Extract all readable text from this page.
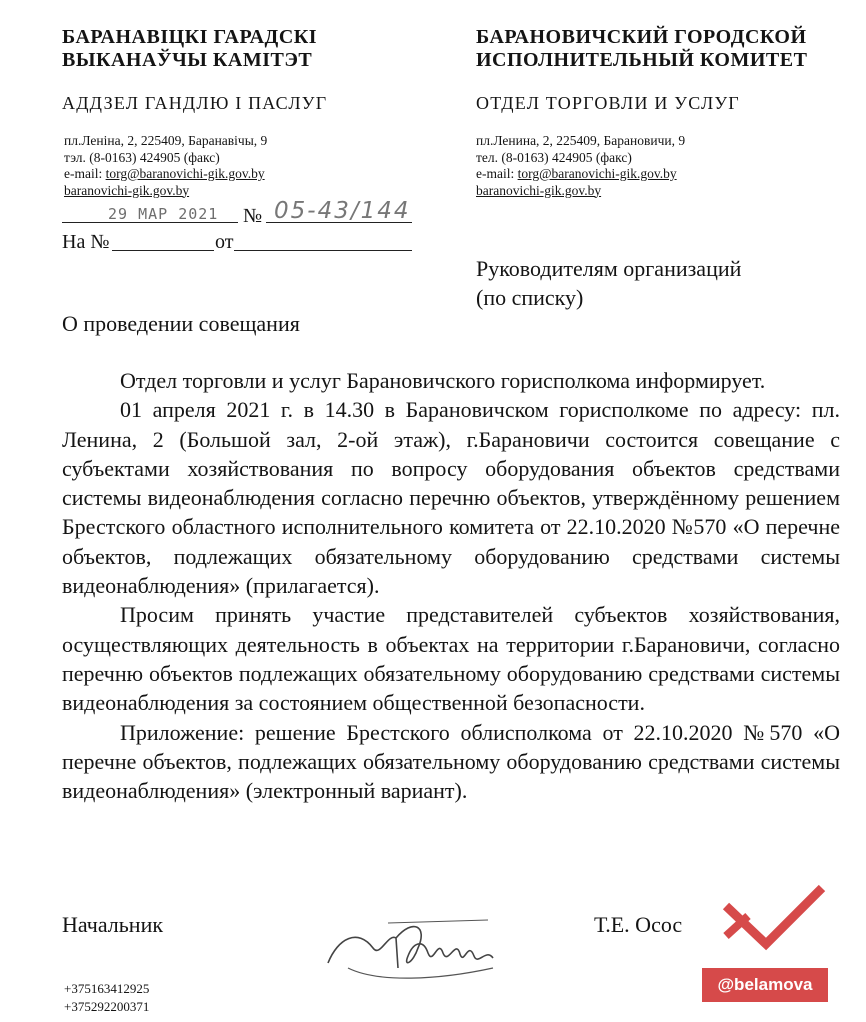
БАРАНАВІЦКІ ГАРАДСКІ
ВЫКАНАЎЧЫ КАМІТЭТ
АДДЗЕЛ ГАНДЛЮ І ПАСЛУГ
пл.Леніна, 2, 225409, Баранавічы, 9
тэл. (8-0163) 424905 (факс)
e-mail: torg@baranovichi-gik.gov.by
baranovichi-gik.gov.by
БАРАНОВИЧСКИЙ ГОРОДСКОЙ
ИСПОЛНИТЕЛЬНЫЙ КОМИТЕТ
ОТДЕЛ ТОРГОВЛИ И УСЛУГ
пл.Ленина, 2, 225409, Барановичи, 9
тел. (8-0163) 424905 (факс)
e-mail: torg@baranovichi-gik.gov.by
baranovichi-gik.gov.by
29 МАР 2021 № 05-43/144
На №	от
Руководителям организаций
(по списку)
О проведении совещания

Отдел торговли и услуг Барановичского горисполкома информирует.

01 апреля 2021 г. в 14.30 в Барановичском горисполкоме по адресу: пл. Ленина, 2 (Большой зал, 2-ой этаж), г.Барановичи состоится совещание с субъектами хозяйствования по вопросу оборудования объектов средствами системы видеонаблюдения согласно перечню объектов, утверждённому решением Брестского областного исполнительного комитета от 22.10.2020 №570 «О перечне объектов, подлежащих обязательному оборудованию средствами системы видеонаблюдения» (прилагается).

Просим принять участие представителей субъектов хозяйствования, осуществляющих деятельность в объектах на территории г.Барановичи, согласно перечню объектов подлежащих обязательному оборудованию средствами системы видеонаблюдения за состоянием общественной безопасности.

Приложение: решение Брестского облисполкома от 22.10.2020 №570 «О перечне объектов, подлежащих обязательному оборудованию средствами системы видеонаблюдения» (электронный вариант).

Начальник	Т.Е. Осос
+375163412925
+375292200371
@belamova
